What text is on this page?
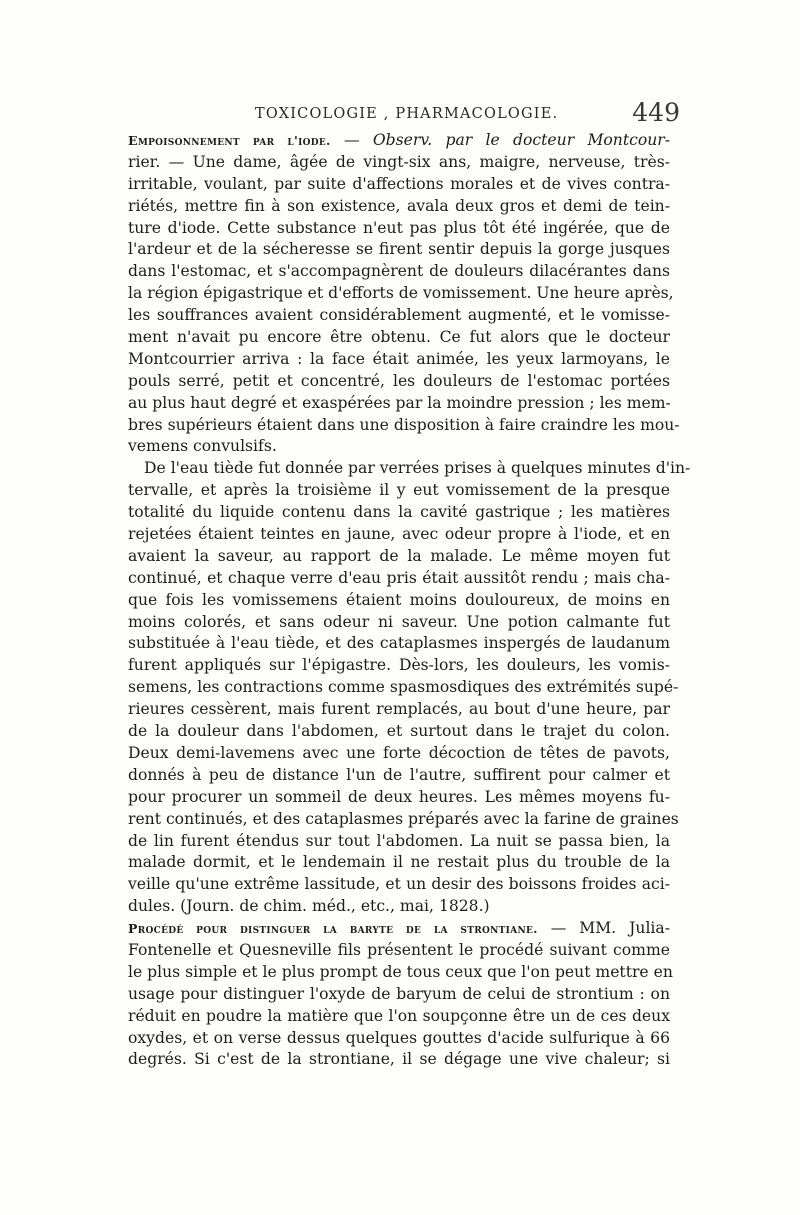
TOXICOLOGIE , PHARMACOLOGIE.	449
Empoisonnement par l'iode. — Observ. par le docteur Montcour-
rier. — Une dame, âgée de vingt-six ans, maigre, nerveuse, très-
irritable, voulant, par suite d'affections morales et de vives contra-
riétés, mettre fin à son existence, avala deux gros et demi de tein-
ture d'iode. Cette substance n'eut pas plus tôt été ingérée, que de
l'ardeur et de la sécheresse se firent sentir depuis la gorge jusques
dans l'estomac, et s'accompagnèrent de douleurs dilacérantes dans
la région épigastrique et d'efforts de vomissement. Une heure après,
les souffrances avaient considérablement augmenté, et le vomisse-
ment n'avait pu encore être obtenu. Ce fut alors que le docteur
Montcourrier arriva : la face était animée, les yeux larmoyans, le
pouls serré, petit et concentré, les douleurs de l'estomac portées
au plus haut degré et exaspérées par la moindre pression ; les mem-
bres supérieurs étaient dans une disposition à faire craindre les mou-
vemens convulsifs.
De l'eau tiède fut donnée par verrées prises à quelques minutes d'in-
tervalle, et après la troisième il y eut vomissement de la presque
totalité du liquide contenu dans la cavité gastrique ; les matières
rejetées étaient teintes en jaune, avec odeur propre à l'iode, et en
avaient la saveur, au rapport de la malade. Le même moyen fut
continué, et chaque verre d'eau pris était aussitôt rendu ; mais cha-
que fois les vomissemens étaient moins douloureux, de moins en
moins colorés, et sans odeur ni saveur. Une potion calmante fut
substituée à l'eau tiède, et des cataplasmes inspergés de laudanum
furent appliqués sur l'épigastre. Dès-lors, les douleurs, les vomis-
semens, les contractions comme spasmosdiques des extrémités supé-
rieures cessèrent, mais furent remplacés, au bout d'une heure, par
de la douleur dans l'abdomen, et surtout dans le trajet du colon.
Deux demi-lavemens avec une forte décoction de têtes de pavots,
donnés à peu de distance l'un de l'autre, suffirent pour calmer et
pour procurer un sommeil de deux heures. Les mêmes moyens fu-
rent continués, et des cataplasmes préparés avec la farine de graines
de lin furent étendus sur tout l'abdomen. La nuit se passa bien, la
malade dormit, et le lendemain il ne restait plus du trouble de la
veille qu'une extrême lassitude, et un desir des boissons froides aci-
dules. (Journ. de chim. méd., etc., mai, 1828.)
Procédé pour distinguer la baryte de la strontiane. — MM. Julia-
Fontenelle et Quesneville fils présentent le procédé suivant comme
le plus simple et le plus prompt de tous ceux que l'on peut mettre en
usage pour distinguer l'oxyde de baryum de celui de strontium : on
réduit en poudre la matière que l'on soupçonne être un de ces deux
oxydes, et on verse dessus quelques gouttes d'acide sulfurique à 66
degrés. Si c'est de la strontiane, il se dégage une vive chaleur; si
